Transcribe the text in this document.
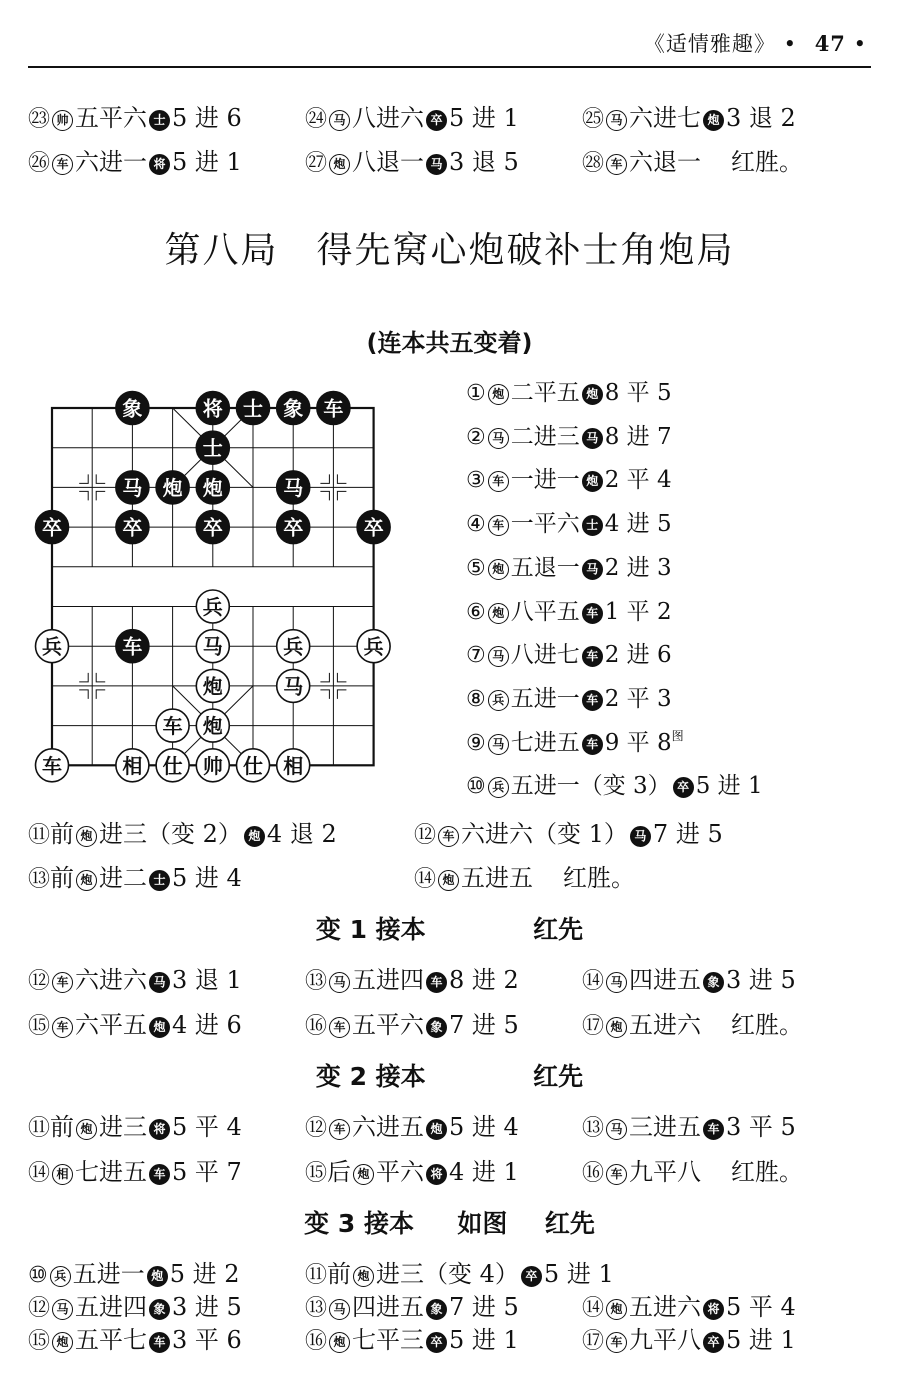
《适情雅趣》 • 47 •
㉓ 帅 五平六 士 5 进 6	㉔ 马 八进六 卒 5 进 1	㉕ 马 六进七 炮 3 退 2
㉖ 车 六进一 将 5 进 1	㉗ 炮 八退一 马 3 退 5	㉘ 车 六退一 红胜。
第八局　得先窝心炮破补士角炮局
(连本共五变着)
象	将 士 象 车
士
马 炮 炮	马
卒	卒	卒	卒	卒
车
兵
兵	马	兵	兵
炮	马
车 炮
车	相 仕 帅 仕 相
① 炮 二平五 炮 8 平 5
② 马 二进三 马 8 进 7
③ 车 一进一 炮 2 平 4
④ 车 一平六 士 4 进 5
⑤ 炮 五退一 马 2 进 3
⑥ 炮 八平五 车 1 平 2
⑦ 马 八进七 车 2 进 6
⑧ 兵 五进一 车 2 平 3
⑨ 马 七进五 车 9 平 $8^图$
⑩ 兵 五进一（变 3） 卒 5 进 1
⑪前 炮 进三（变 2） 炮 4 退 2	⑫ 车 六进六（变 1） 马 7 进 5
⑬前 炮 进二 士 5 进 4	⑭ 炮 五进五 红胜。
变 1 接本	红先
⑫ 车 六进六 马 3 退 1	⑬ 马 五进四 车 8 进 2	⑭ 马 四进五 象 3 进 5
⑮ 车 六平五 炮 4 进 6	⑯ 车 五平六 象 7 进 5	⑰ 炮 五进六 红胜。
变 2 接本	红先
⑪前 炮 进三 将 5 平 4	⑫ 车 六进五 炮 5 进 4	⑬ 马 三进五 车 3 平 5
⑭ 相 七进五 车 5 平 7	⑮后 炮 平六 将 4 进 1	⑯ 车 九平八 红胜。
变 3 接本 如图 红先
⑩ 兵 五进一 炮 5 进 2	⑪前 炮 进三（变 4） 卒 5 进 1
⑫ 马 五进四 象 3 进 5	⑬ 马 四进五 象 7 进 5	⑭ 炮 五进六 将 5 平 4
⑮ 炮 五平七 车 3 平 6	⑯ 炮 七平三 卒 5 进 1	⑰ 车 九平八 卒 5 进 1
